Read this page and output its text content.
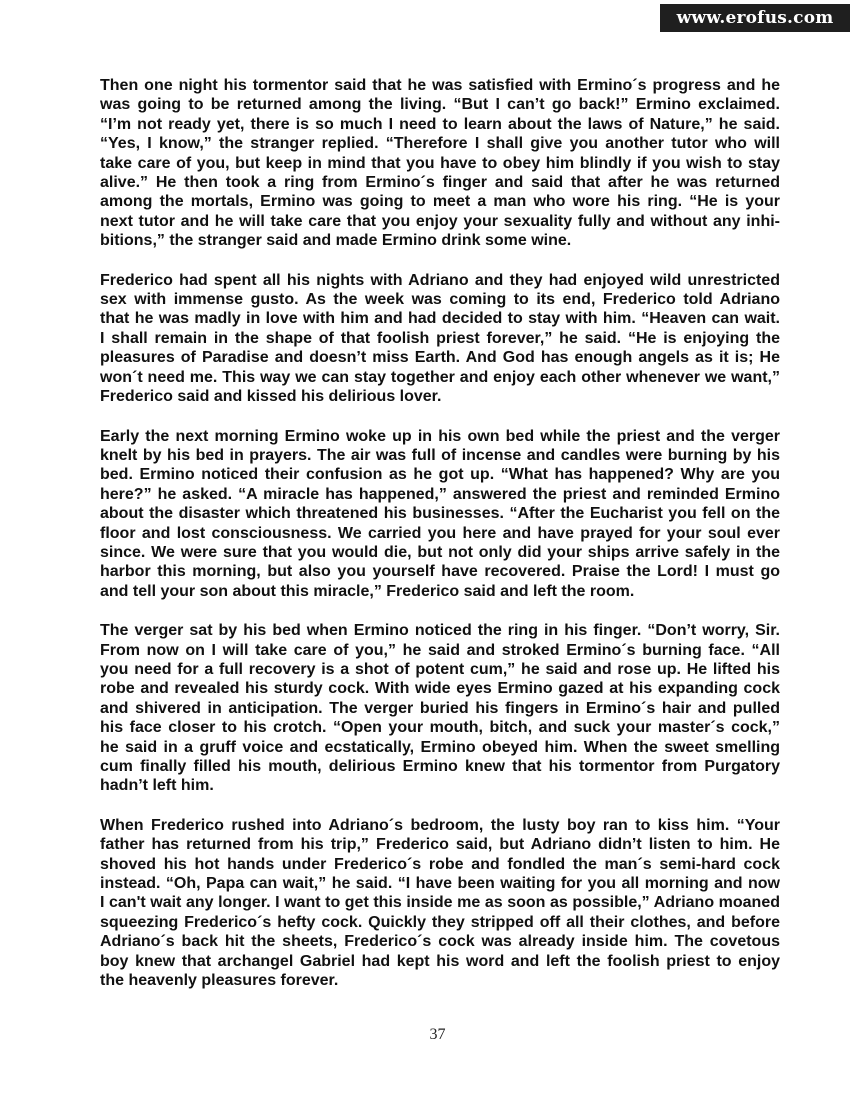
www.erofus.com

Then one night his tormentor said that he was satisfied with Ermino´s progress and he
was going to be returned among the living. “But I can’t go back!” Ermino exclaimed.
“I’m not ready yet, there is so much I need to learn about the laws of Nature,” he said.
“Yes, I know,” the stranger replied. “Therefore I shall give you another tutor who will
take care of you, but keep in mind that you have to obey him blindly if you wish to stay
alive.” He then took a ring from Ermino´s finger and said that after he was returned
among the mortals, Ermino was going to meet a man who wore his ring. “He is your
next tutor and he will take care that you enjoy your sexuality fully and without any inhi-
bitions,” the stranger said and made Ermino drink some wine.

Frederico had spent all his nights with Adriano and they had enjoyed wild unrestricted
sex with immense gusto. As the week was coming to its end, Frederico told Adriano
that he was madly in love with him and had decided to stay with him. “Heaven can wait.
I shall remain in the shape of that foolish priest forever,” he said. “He is enjoying the
pleasures of Paradise and doesn’t miss Earth. And God has enough angels as it is; He
won´t need me. This way we can stay together and enjoy each other whenever we want,”
Frederico said and kissed his delirious lover.

Early the next morning Ermino woke up in his own bed while the priest and the verger
knelt by his bed in prayers. The air was full of incense and candles were burning by his
bed. Ermino noticed their confusion as he got up. “What has happened? Why are you
here?” he asked. “A miracle has happened,” answered the priest and reminded Ermino
about the disaster which threatened his businesses. “After the Eucharist you fell on the
floor and lost consciousness. We carried you here and have prayed for your soul ever
since. We were sure that you would die, but not only did your ships arrive safely in the
harbor this morning, but also you yourself have recovered. Praise the Lord! I must go
and tell your son about this miracle,” Frederico said and left the room.

The verger sat by his bed when Ermino noticed the ring in his finger. “Don’t worry, Sir.
From now on I will take care of you,” he said and stroked Ermino´s burning face. “All
you need for a full recovery is a shot of potent cum,” he said and rose up. He lifted his
robe and revealed his sturdy cock. With wide eyes Ermino gazed at his expanding cock
and shivered in anticipation. The verger buried his fingers in Ermino´s hair and pulled
his face closer to his crotch. “Open your mouth, bitch, and suck your master´s cock,”
he said in a gruff voice and ecstatically, Ermino obeyed him. When the sweet smelling
cum finally filled his mouth, delirious Ermino knew that his tormentor from Purgatory
hadn’t left him.

When Frederico rushed into Adriano´s bedroom, the lusty boy ran to kiss him. “Your
father has returned from his trip,” Frederico said, but Adriano didn’t listen to him. He
shoved his hot hands under Frederico´s robe and fondled the man´s semi-hard cock
instead. “Oh, Papa can wait,” he said. “I have been waiting for you all morning and now
I can't wait any longer. I want to get this inside me as soon as possible,” Adriano moaned
squeezing Frederico´s hefty cock. Quickly they stripped off all their clothes, and before
Adriano´s back hit the sheets, Frederico´s cock was already inside him. The covetous
boy knew that archangel Gabriel had kept his word and left the foolish priest to enjoy
the heavenly pleasures forever.

37
